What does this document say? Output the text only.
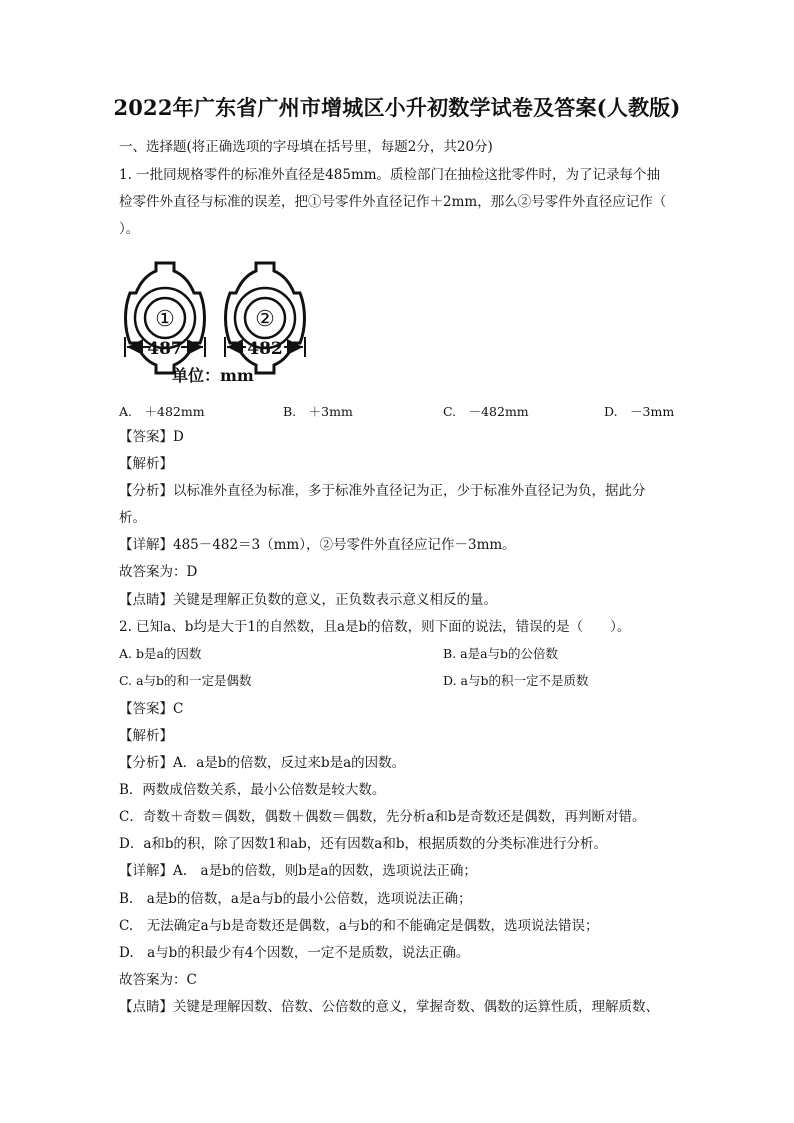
2022年广东省广州市增城区小升初数学试卷及答案(人教版)
一、选择题(将正确选项的字母填在括号里，每题2分，共20分)
1. 一批同规格零件的标准外直径是485mm。质检部门在抽检这批零件时，为了记录每个抽
检零件外直径与标准的误差，把①号零件外直径记作＋2mm，那么②号零件外直径应记作（
）。
①	②
487	482
单位：mm
A.　＋482mm	B.　＋3mm	C.　－482mm	D.　－3mm
【答案】D
【解析】
【分析】以标准外直径为标准，多于标准外直径记为正，少于标准外直径记为负，据此分
析。
【详解】485－482＝3（mm），②号零件外直径应记作－3mm。
故答案为：D
【点睛】关键是理解正负数的意义，正负数表示意义相反的量。
2. 已知a、b均是大于1的自然数，且a是b的倍数，则下面的说法，错误的是（　　）。
A. b是a的因数	B. a是a与b的公倍数
C. a与b的和一定是偶数	D. a与b的积一定不是质数
【答案】C
【解析】
【分析】A．a是b的倍数，反过来b是a的因数。
B．两数成倍数关系，最小公倍数是较大数。
C．奇数＋奇数＝偶数，偶数＋偶数＝偶数，先分析a和b是奇数还是偶数，再判断对错。
D．a和b的积，除了因数1和ab，还有因数a和b，根据质数的分类标准进行分析。
【详解】A.　a是b的倍数，则b是a的因数，选项说法正确；
B.　a是b的倍数，a是a与b的最小公倍数，选项说法正确；
C.　无法确定a与b是奇数还是偶数，a与b的和不能确定是偶数，选项说法错误；
D.　a与b的积最少有4个因数，一定不是质数，说法正确。
故答案为：C
【点睛】关键是理解因数、倍数、公倍数的意义，掌握奇数、偶数的运算性质，理解质数、
